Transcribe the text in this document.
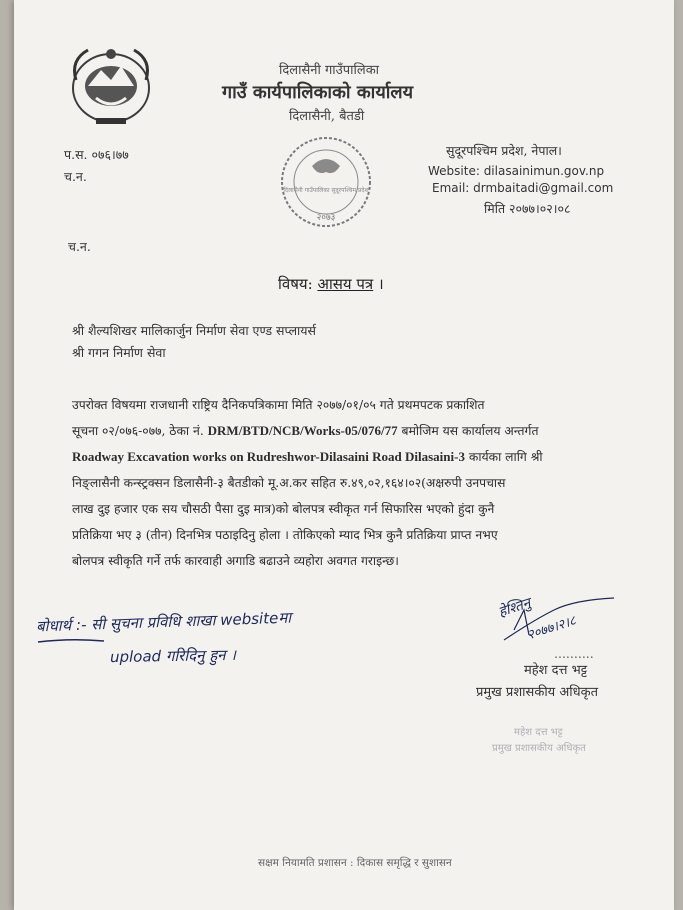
दिलासैनी गाउँपालिका
गाउँ कार्यपालिकाको कार्यालय
दिलासैनी, बैतडी
प.स. ०७६।७७
च.न.
२०७३
दिलासैनी गाउँपालिका सुदूरपश्चिम प्रदेश
सुदूरपश्चिम प्रदेश, नेपाल।
Website: dilasainimun.gov.np
Email: drmbaitadi@gmail.com
मिति २०७७।०२।०८
च.न.
विषय: आसय पत्र ।
श्री शैल्यशिखर मालिकार्जुन निर्माण सेवा एण्ड सप्लायर्स
श्री गगन निर्माण सेवा
उपरोक्त विषयमा राजधानी राष्ट्रिय दैनिकपत्रिकामा मिति २०७७/०१/०५ गते प्रथमपटक प्रकाशित
सूचना ०२/०७६-०७७, ठेका नं. DRM/BTD/NCB/Works-05/076/77 बमोजिम यस कार्यालय अन्तर्गत
Roadway Excavation works on Rudreshwor-Dilasaini Road Dilasaini-3 कार्यका लागि श्री
निङ्लासैनी कन्स्ट्रक्सन डिलासैनी-३ बैतडीको मू.अ.कर सहित रु.४९,०२,१६४।०२(अक्षरुपी उनपचास
लाख दुइ हजार एक सय चौसठी पैसा दुइ मात्र)को बोलपत्र स्वीकृत गर्न सिफारिस भएको हुंदा कुनै
प्रतिक्रिया भए ३ (तीन) दिनभित्र पठाइदिनु होला । तोकिएको म्याद भित्र कुनै प्रतिक्रिया प्राप्त नभए
बोलपत्र स्वीकृति गर्ने तर्फ कारवाही अगाडि बढाउने व्यहोरा अवगत गराइन्छ।
बोधार्थ :- सी सुचना प्रविधि शाखा websiteमा
upload गरिदिनु हुन ।
हेश्तिनु
२०७७।२।८
..........
महेश दत्त भट्ट
प्रमुख प्रशासकीय अधिकृत
महेश दत्त भट्ट
प्रमुख प्रशासकीय अधिकृत
सक्षम नियामति प्रशासन : दिकास समृद्धि र सुशासन
